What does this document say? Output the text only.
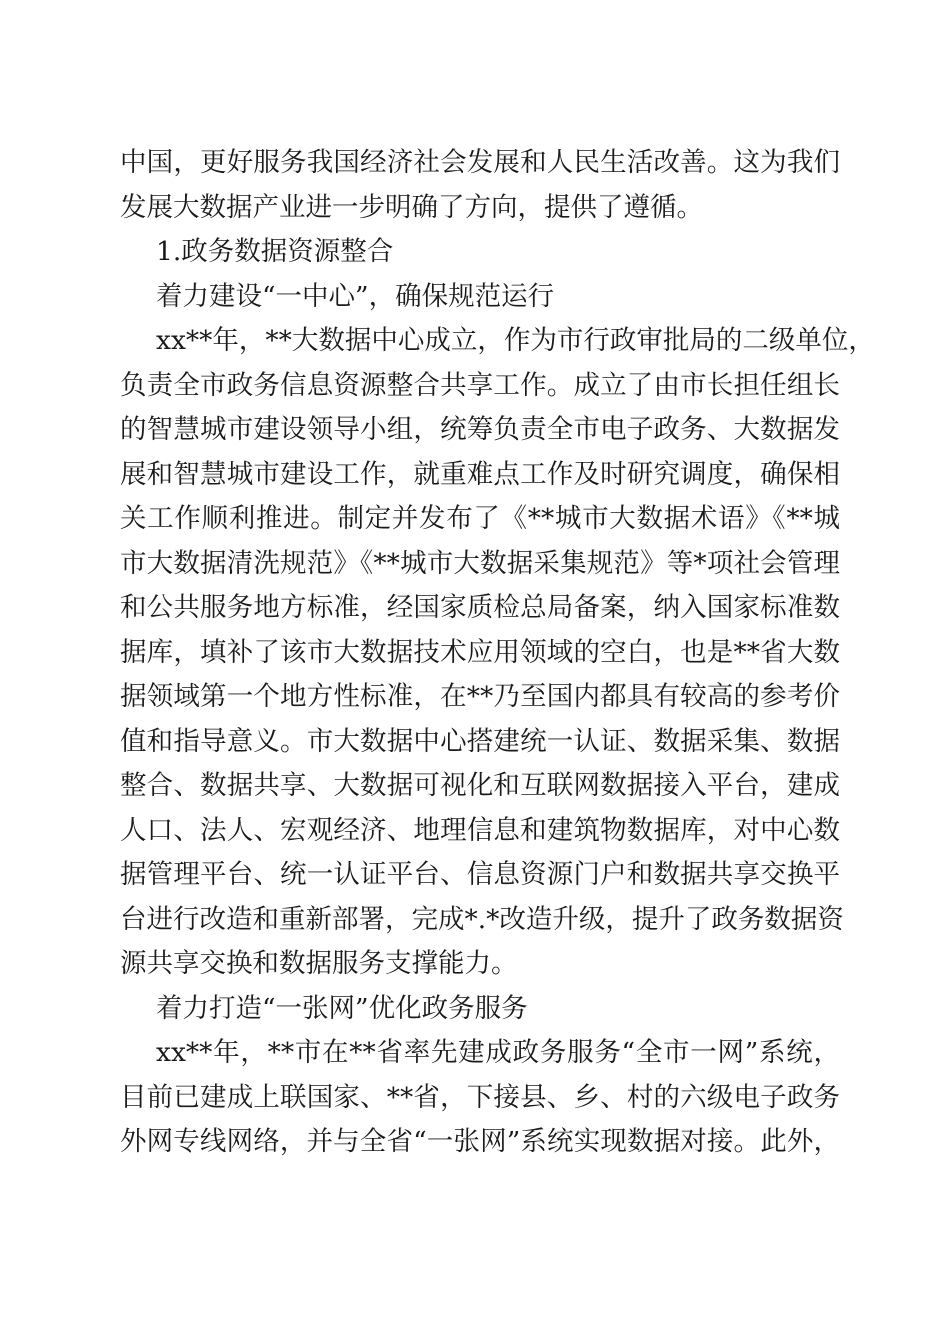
中国，更好服务我国经济社会发展和人民生活改善。这为我们
发展大数据产业进一步明确了方向，提供了遵循。
1.政务数据资源整合
着力建设“一中心”，确保规范运行
xx**年，**大数据中心成立，作为市行政审批局的二级单位，
负责全市政务信息资源整合共享工作。成立了由市长担任组长
的智慧城市建设领导小组，统筹负责全市电子政务、大数据发
展和智慧城市建设工作，就重难点工作及时研究调度，确保相
关工作顺利推进。制定并发布了《**城市大数据术语》《**城
市大数据清洗规范》《**城市大数据采集规范》等*项社会管理
和公共服务地方标准，经国家质检总局备案，纳入国家标准数
据库，填补了该市大数据技术应用领域的空白，也是**省大数
据领域第一个地方性标准，在**乃至国内都具有较高的参考价
值和指导意义。市大数据中心搭建统一认证、数据采集、数据
整合、数据共享、大数据可视化和互联网数据接入平台，建成
人口、法人、宏观经济、地理信息和建筑物数据库，对中心数
据管理平台、统一认证平台、信息资源门户和数据共享交换平
台进行改造和重新部署，完成*.*改造升级，提升了政务数据资
源共享交换和数据服务支撑能力。
着力打造“一张网”优化政务服务
xx**年，**市在**省率先建成政务服务“全市一网”系统，
目前已建成上联国家、**省，下接县、乡、村的六级电子政务
外网专线网络，并与全省“一张网”系统实现数据对接。此外，
